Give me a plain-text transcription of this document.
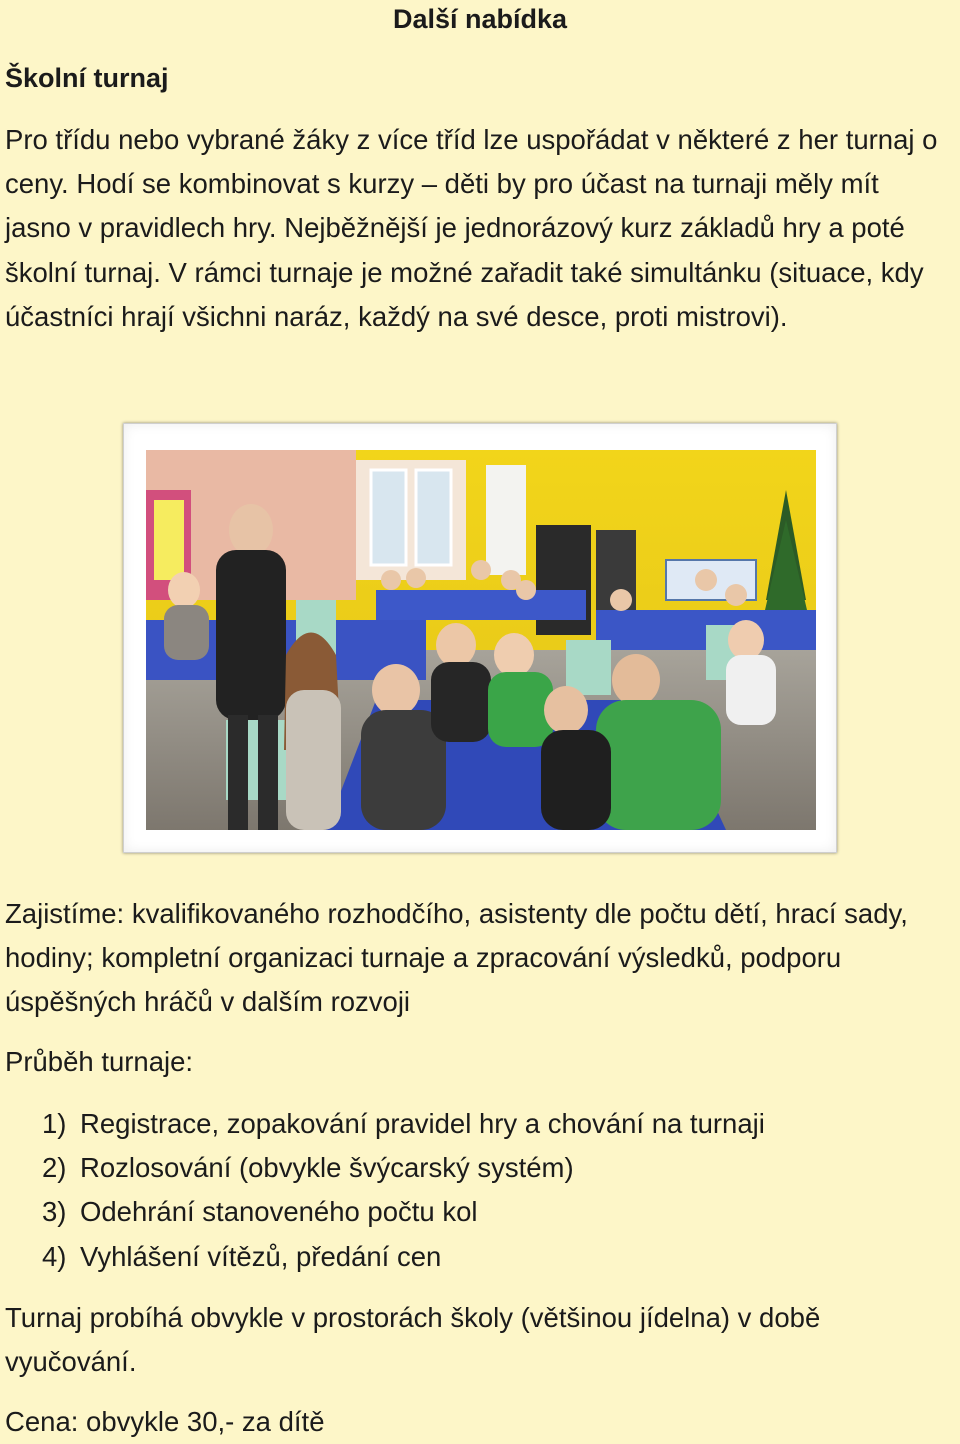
Další nabídka
Školní turnaj

Pro třídu nebo vybrané žáky z více tříd lze uspořádat v některé z her turnaj o ceny. Hodí se kombinovat s kurzy – děti by pro účast na turnaji měly mít jasno v pravidlech hry. Nejběžnější je jednorázový kurz základů hry a poté školní turnaj. V rámci turnaje je možné zařadit také simultánku (situace, kdy účastníci hrají všichni naráz, každý na své desce, proti mistrovi).

Zajistíme: kvalifikovaného rozhodčího, asistenty dle počtu dětí, hrací sady, hodiny; kompletní organizaci turnaje a zpracování výsledků, podporu úspěšných hráčů v dalším rozvoji

Průběh turnaje:

1) Registrace, zopakování pravidel hry a chování na turnaji
2) Rozlosování (obvykle švýcarský systém)
3) Odehrání stanoveného počtu kol
4) Vyhlášení vítězů, předání cen

Turnaj probíhá obvykle v prostorách školy (většinou jídelna) v době vyučování.

Cena: obvykle 30,- za dítě
